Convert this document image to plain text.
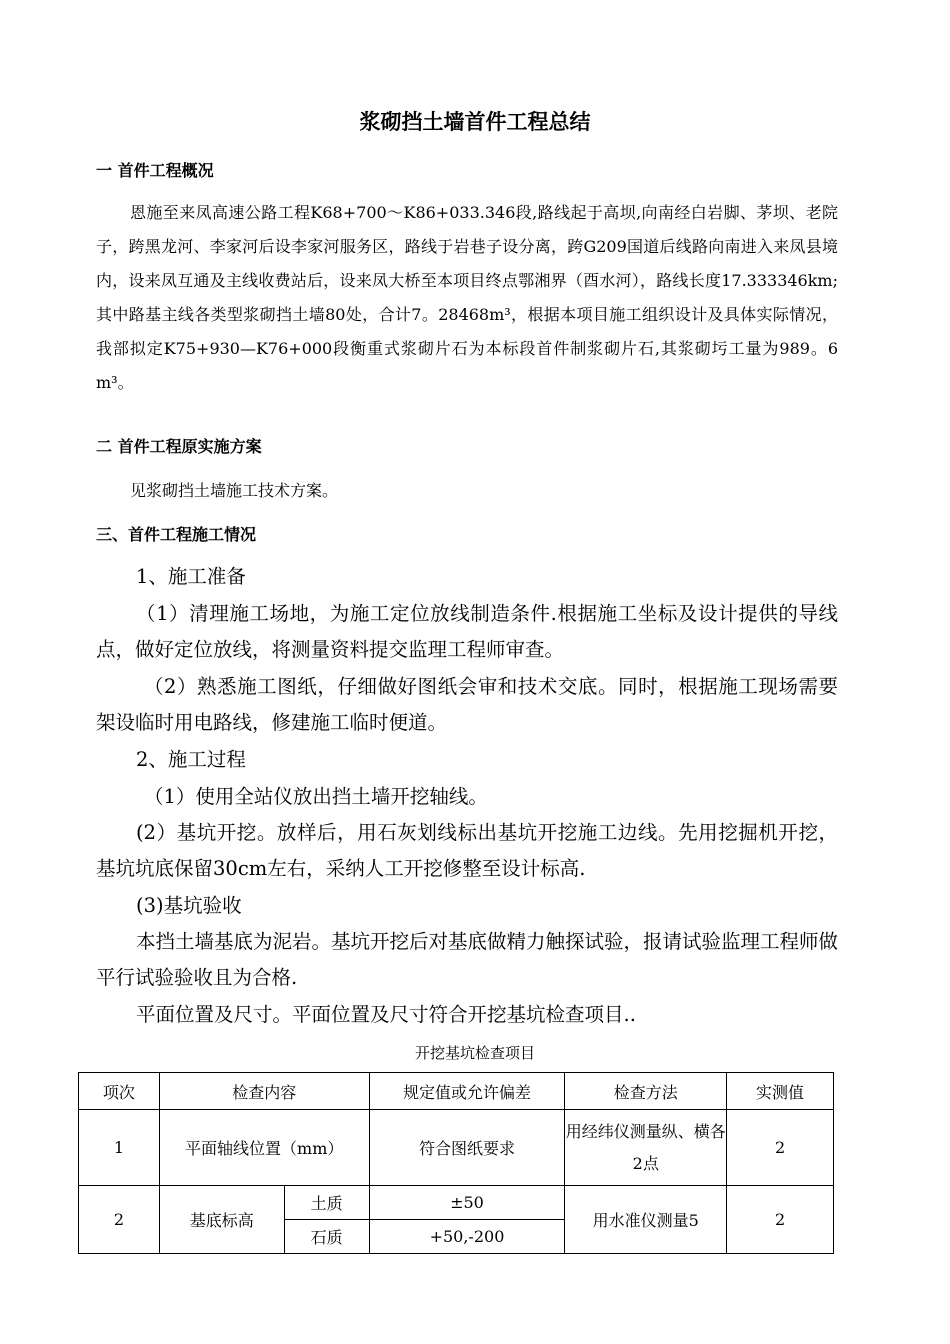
浆砌挡土墙首件工程总结
一 首件工程概况
恩施至来凤高速公路工程K68+700～K86+033.346段,路线起于高坝,向南经白岩脚、茅坝、老院子，跨黑龙河、李家河后设李家河服务区，路线于岩巷子设分离，跨G209国道后线路向南进入来凤县境内，设来凤互通及主线收费站后，设来凤大桥至本项目终点鄂湘界（酉水河），路线长度17.333346km;其中路基主线各类型浆砌挡土墙80处，合计7。28468m³，根据本项目施工组织设计及具体实际情况，我部拟定K75+930—K76+000段衡重式浆砌片石为本标段首件制浆砌片石,其浆砌圬工量为989。6 m³。
二 首件工程原实施方案
见浆砌挡土墙施工技术方案。
三、首件工程施工情况
1、施工准备
（1）清理施工场地，为施工定位放线制造条件.根据施工坐标及设计提供的导线点，做好定位放线，将测量资料提交监理工程师审查。
（2）熟悉施工图纸，仔细做好图纸会审和技术交底。同时，根据施工现场需要架设临时用电路线，修建施工临时便道。
2、施工过程
（1）使用全站仪放出挡土墙开挖轴线。
(2）基坑开挖。放样后，用石灰划线标出基坑开挖施工边线。先用挖掘机开挖，基坑坑底保留30cm左右，采纳人工开挖修整至设计标高.
(3)基坑验收
本挡土墙基底为泥岩。基坑开挖后对基底做精力触探试验，报请试验监理工程师做平行试验验收且为合格.
平面位置及尺寸。平面位置及尺寸符合开挖基坑检查项目..
开挖基坑检查项目
项次	检查内容		规定值或允许偏差	检查方法	实测值
1	平面轴线位置（mm）		符合图纸要求	用经纬仪测量纵、横各2点	2
2	基底标高	土质	±50	用水准仪测量5	2
		石质	+50,-200		
